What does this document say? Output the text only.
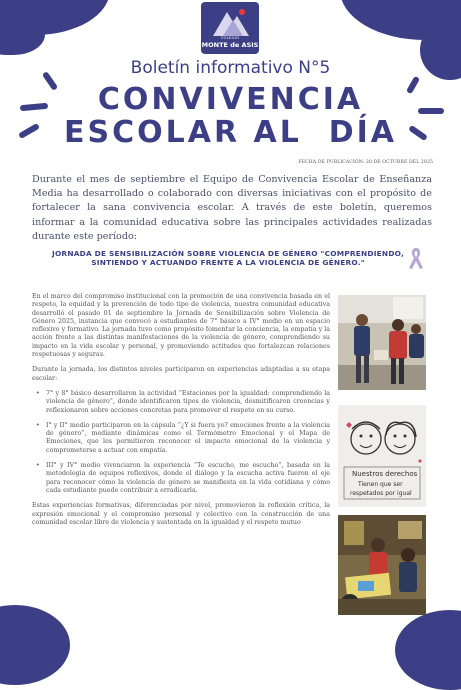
COLEGIO
MONTE de ASIS
Boletín informativo N°5
CONVIVENCIA
ESCOLAR AL  DÍA
FECHA DE PUBLICACIÓN: 20 DE OCTUBRE DEL 2025
Durante el mes de septiembre el Equipo de Convivencia Escolar de Enseñanza Media ha desarrollado o colaborado con diversas iniciativas con el propósito de fortalecer la sana convivencia escolar. A través de este boletín, queremos informar a la comunidad educativa sobre las principales actividades realizadas durante este período:
JORNADA DE SENSIBILIZACIÓN SOBRE VIOLENCIA DE GÉNERO "COMPRENDIENDO, SINTIENDO Y ACTUANDO FRENTE A LA VIOLENCIA DE GÉNERO."

En el marco del compromiso institucional con la promoción de una convivencia basada en el respeto, la equidad y la prevención de todo tipo de violencia, nuestra comunidad educativa desarrolló el pasado 01 de septiembre la Jornada de Sensibilización sobre Violencia de Género 2025, instancia que convocó a estudiantes de 7° básico a IV° medio en un espacio reflexivo y formativo. La jornada tuvo como propósito fomentar la conciencia, la empatía y la acción frente a las distintas manifestaciones de la violencia de género, comprendiendo su impacto en la vida escolar y personal, y promoviendo actitudes que fortalezcan relaciones respetuosas y seguras.

Durante la jornada, los distintos niveles participaron en experiencias adaptadas a su etapa escolar:

• 7° y 8° básico desarrollaron la actividad “Estaciones por la igualdad: comprendiendo la violencia de género”, donde identificaron tipos de violencia, desmitificaron creencias y reflexionaron sobre acciones concretas para promover el respeto en su curso.
• I° y II° medio participaron en la cápsula “¿Y si fuera yo? emociones frente a la violencia de género”, mediante dinámicas como el Termómetro Emocional y el Mapa de Emociones, que les permitieron reconocer el impacto emocional de la violencia y comprometerse a actuar con empatía.
• III° y IV° medio vivenciaron la experiencia “Te escucho, me escucho”, basada en la metodología de equipos reflexivos, donde el diálogo y la escucha activa fueron el eje para reconocer cómo la violencia de género se manifiesta en la vida cotidiana y cómo cada estudiante puede contribuir a erradicarla.

Estas experiencias formativas, diferenciadas por nivel, promovieron la reflexión crítica, la expresión emocional y el compromiso personal y colectivo con la construcción de una comunidad escolar libre de violencia y sustentada en la igualdad y el respeto mutuo

Nuestros derechos
Tienen que ser
respetados por igual
